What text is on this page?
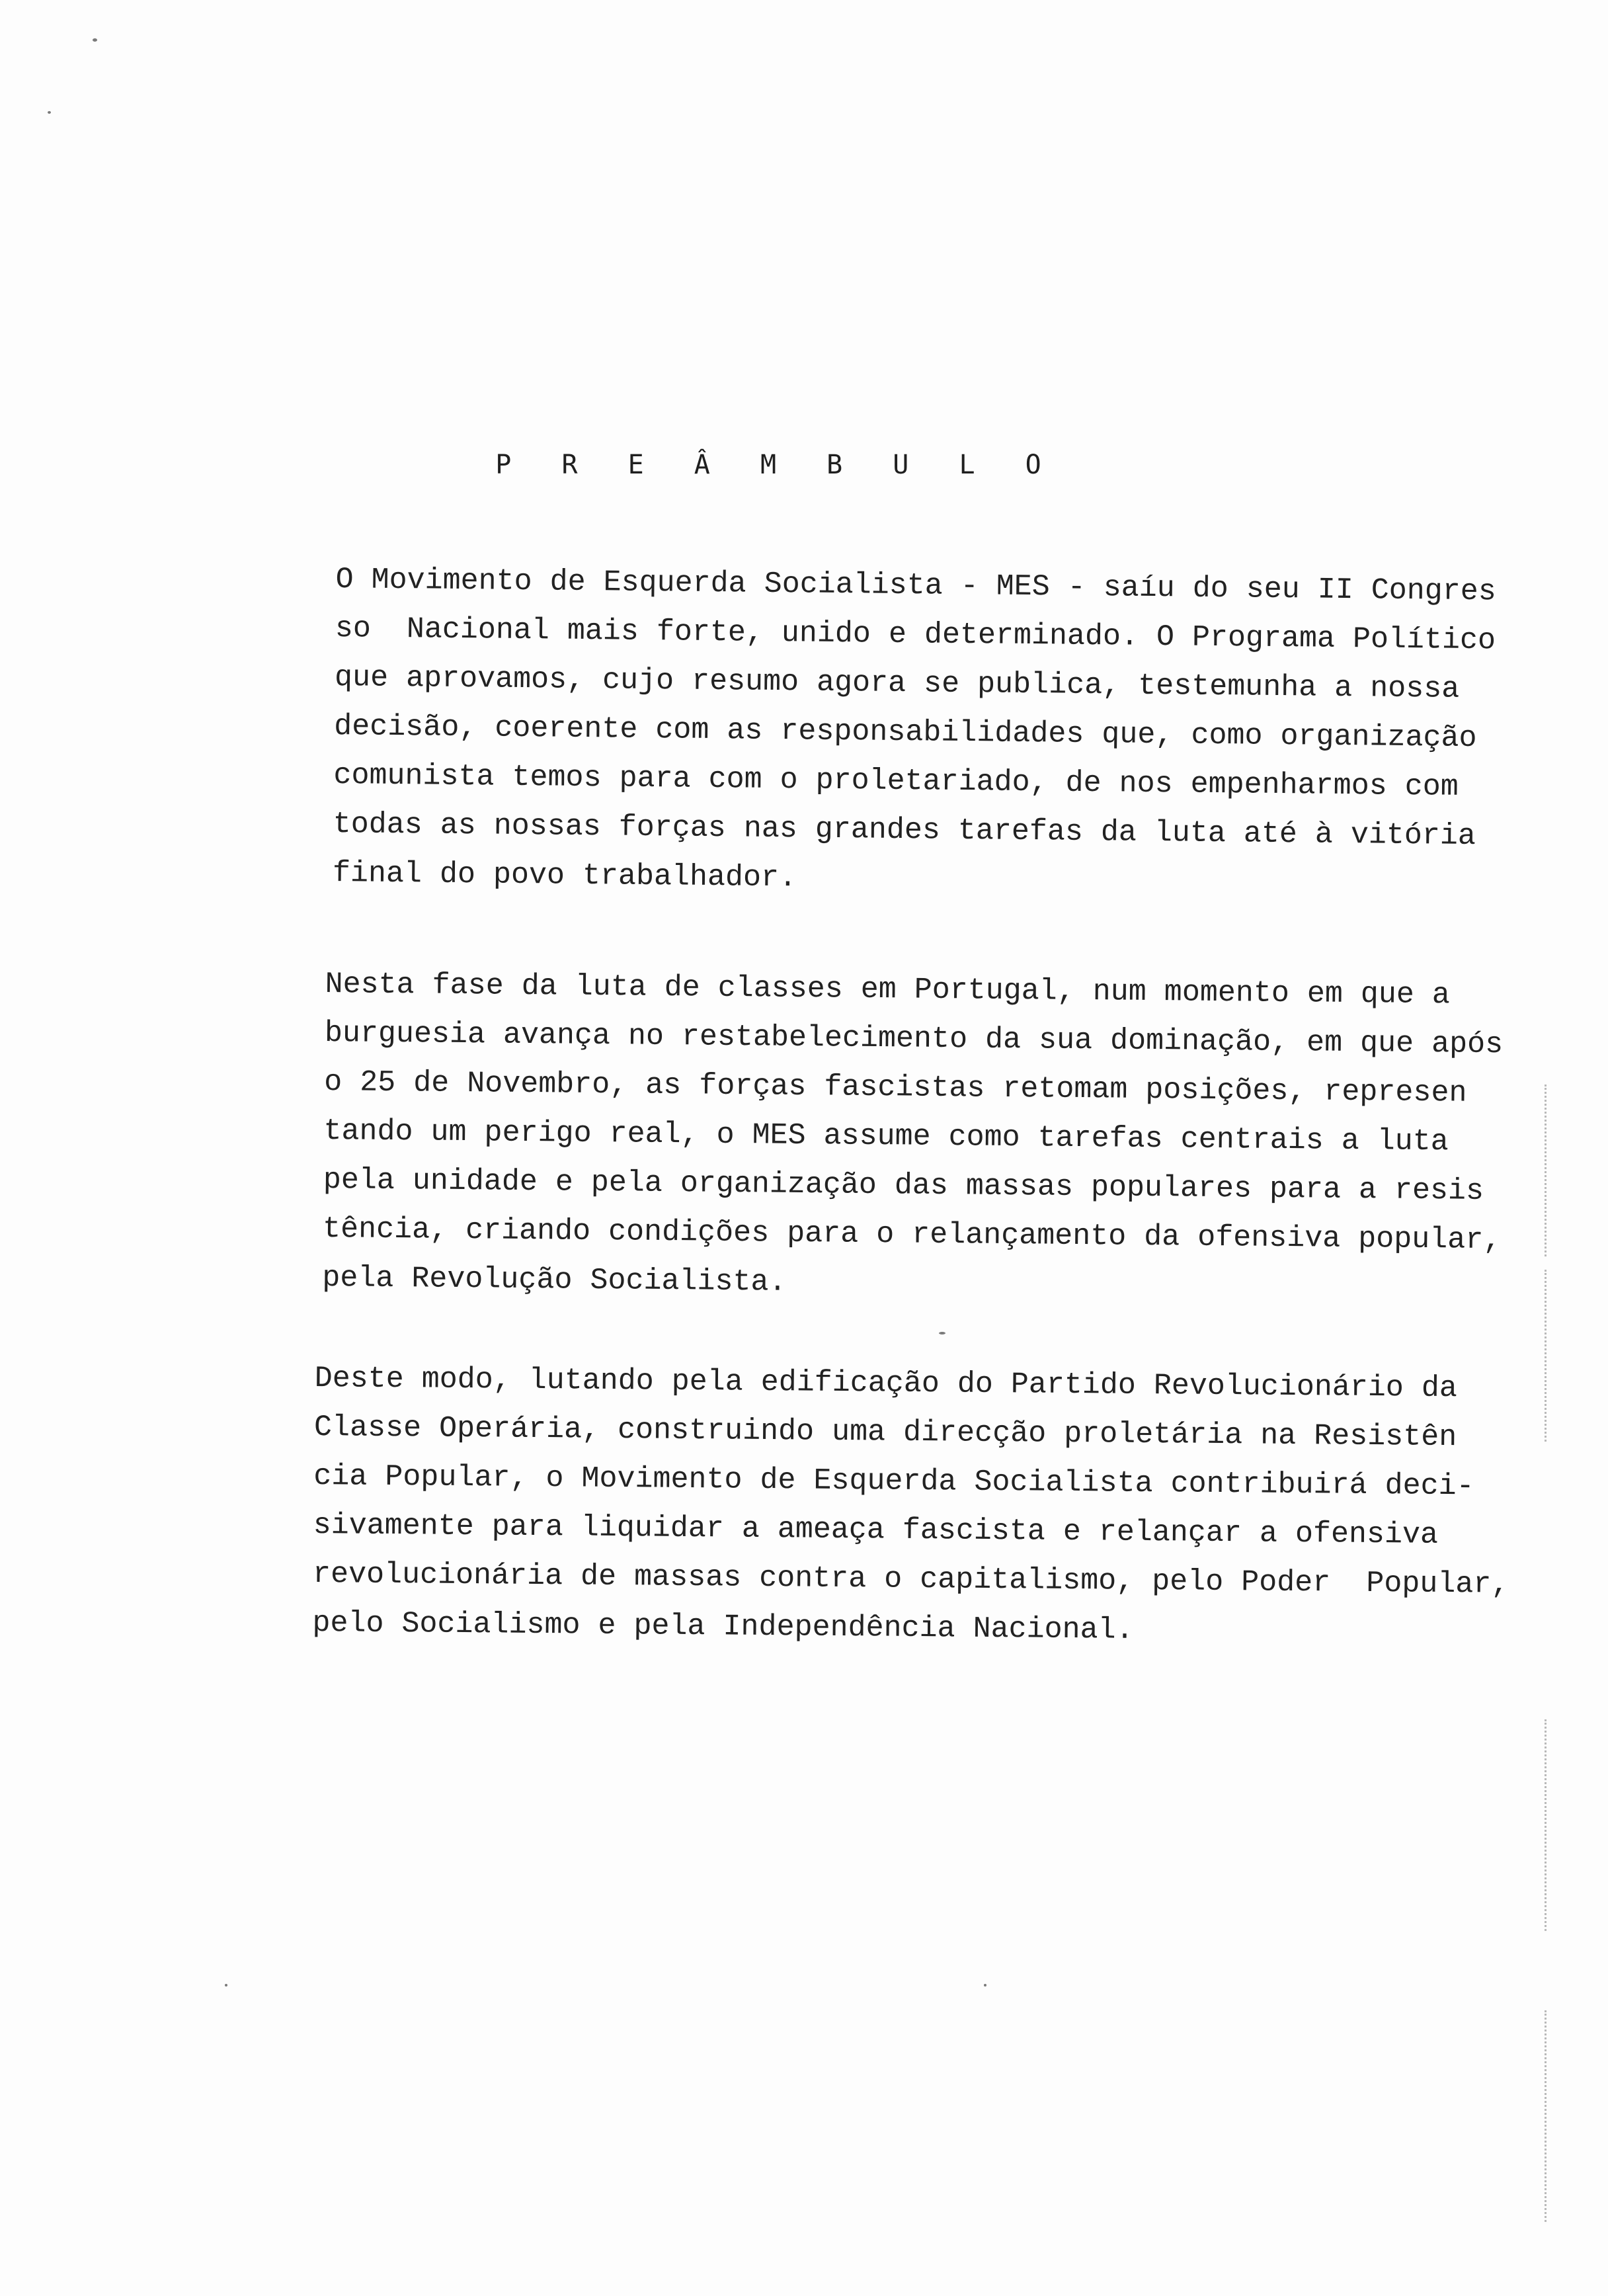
P R E Â M B U L O
O Movimento de Esquerda Socialista - MES - saíu do seu II Congres
so  Nacional mais forte, unido e determinado. O Programa Político
que aprovamos, cujo resumo agora se publica, testemunha a nossa
decisão, coerente com as responsabilidades que, como organização
comunista temos para com o proletariado, de nos empenharmos com
todas as nossas forças nas grandes tarefas da luta até à vitória
final do povo trabalhador.
Nesta fase da luta de classes em Portugal, num momento em que a
burguesia avança no restabelecimento da sua dominação, em que após
o 25 de Novembro, as forças fascistas retomam posições, represen
tando um perigo real, o MES assume como tarefas centrais a luta
pela unidade e pela organização das massas populares para a resis
tência, criando condições para o relançamento da ofensiva popular,
pela Revolução Socialista.
Deste modo, lutando pela edificação do Partido Revolucionário da
Classe Operária, construindo uma direcção proletária na Resistên
cia Popular, o Movimento de Esquerda Socialista contribuirá deci-
sivamente para liquidar a ameaça fascista e relançar a ofensiva
revolucionária de massas contra o capitalismo, pelo Poder  Popular,
pelo Socialismo e pela Independência Nacional.
